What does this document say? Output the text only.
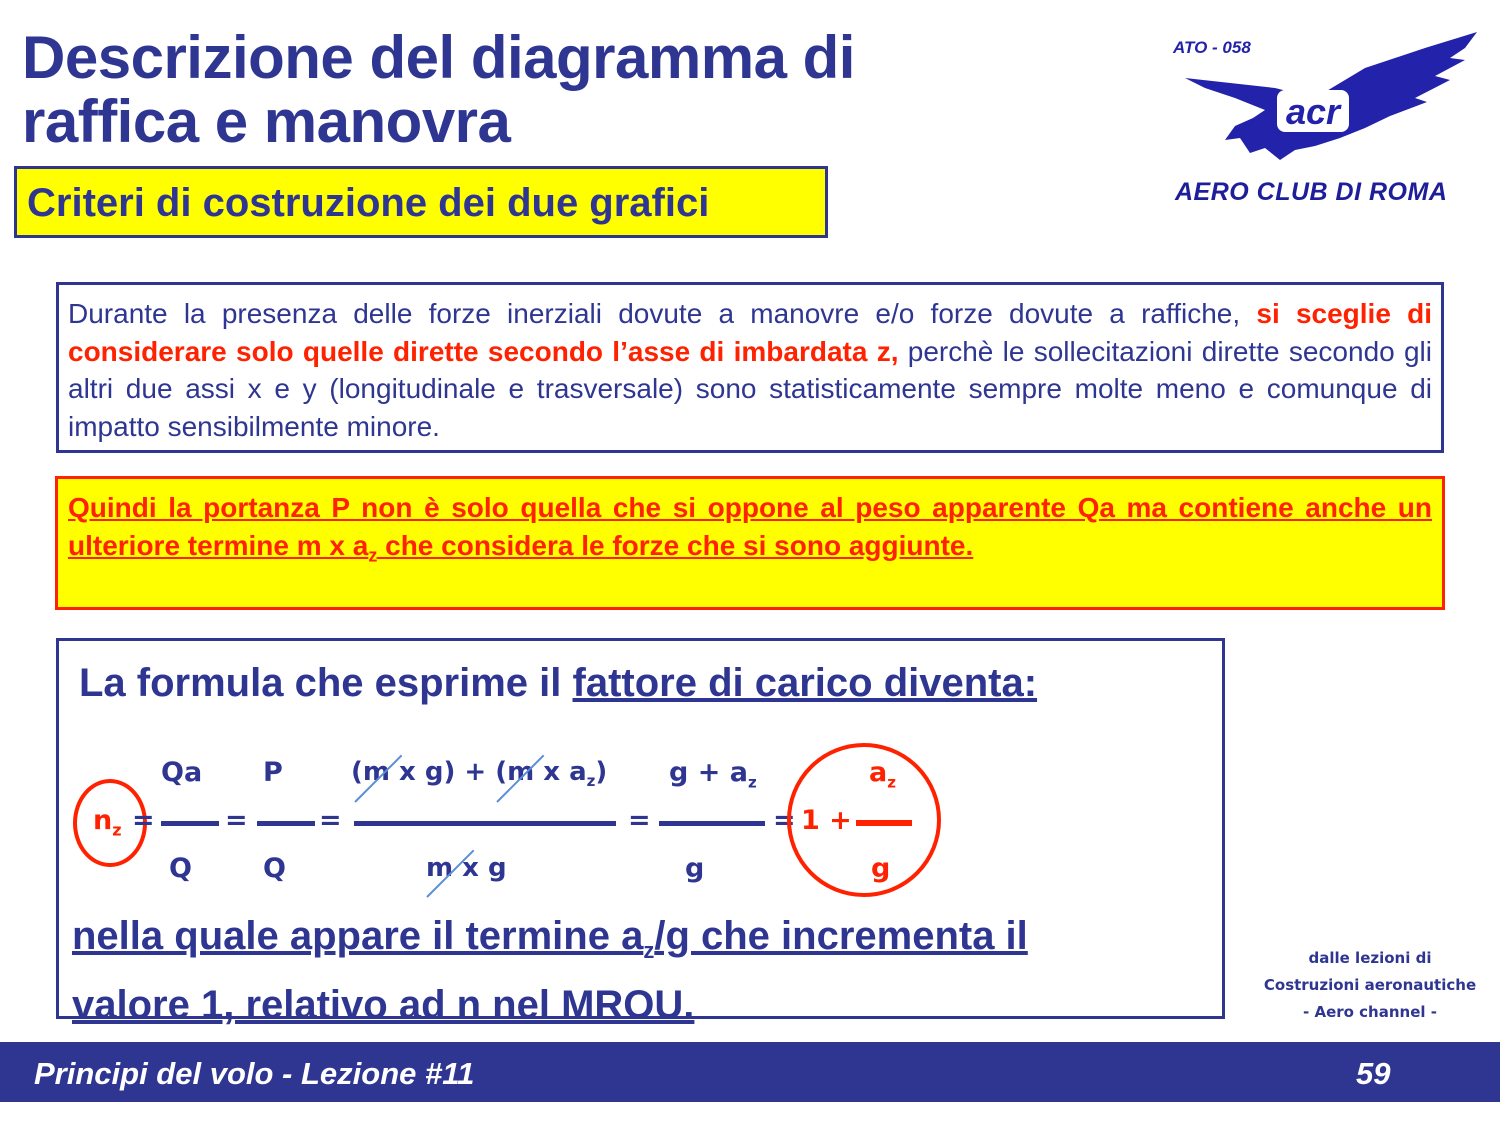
Descrizione del diagramma di
raffica e manovra
Criteri di costruzione dei due grafici
ATO - 058
acr
AERO CLUB DI ROMA

Durante la presenza delle forze inerziali dovute a manovre e/o forze dovute a raffiche, si sceglie di considerare solo quelle dirette secondo l’asse di imbardata z, perchè le sollecitazioni dirette secondo gli altri due assi x e y (longitudinale e trasversale) sono statisticamente sempre molte meno e comunque di impatto sensibilmente minore.

Quindi la portanza P non è solo quella che si oppone al peso apparente Qa ma contiene anche un ulteriore termine m x $a_z$ che considera le forze che si sono aggiunte.

La formula che esprime il fattore di carico diventa:
$n_z$ =
Qa
Q
=
P
Q
=
(m x g) + (m x $a_z$)
m x g
=
$g + a_z$
g
= 1 +
$a_z$
g
nella quale appare il termine $a_z/g$ che incrementa il
valore 1, relativo ad n nel MROU.
dalle lezioni di
Costruzioni aeronautiche
- Aero channel -
Principi del volo - Lezione #11	59
